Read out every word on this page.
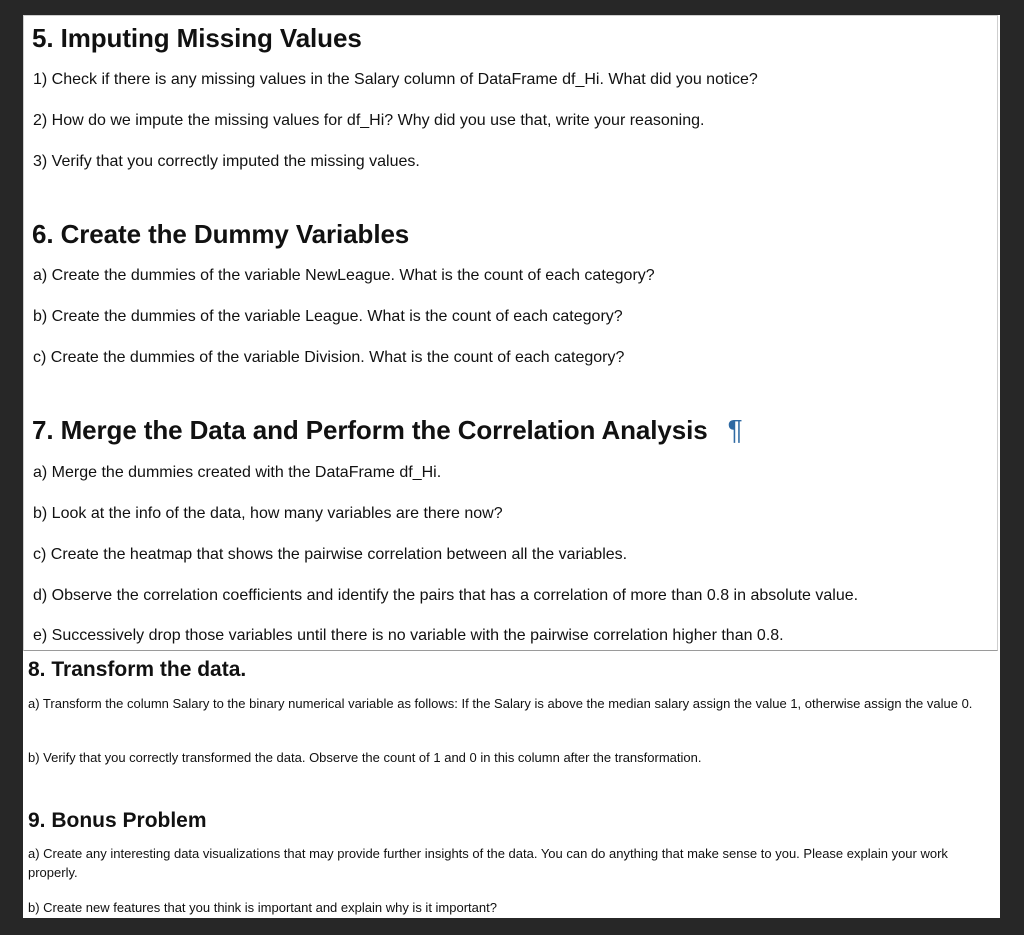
5. Imputing Missing Values

1) Check if there is any missing values in the Salary column of DataFrame df_Hi. What did you notice?

2) How do we impute the missing values for df_Hi? Why did you use that, write your reasoning.

3) Verify that you correctly imputed the missing values.

6. Create the Dummy Variables

a) Create the dummies of the variable NewLeague. What is the count of each category?

b) Create the dummies of the variable League. What is the count of each category?

c) Create the dummies of the variable Division. What is the count of each category?

7. Merge the Data and Perform the Correlation Analysis ¶

a) Merge the dummies created with the DataFrame df_Hi.

b) Look at the info of the data, how many variables are there now?

c) Create the heatmap that shows the pairwise correlation between all the variables.

d) Observe the correlation coefficients and identify the pairs that has a correlation of more than 0.8 in absolute value.

e) Successively drop those variables until there is no variable with the pairwise correlation higher than 0.8.

8. Transform the data.

a) Transform the column Salary to the binary numerical variable as follows: If the Salary is above the median salary assign the value 1, otherwise assign the value 0.

b) Verify that you correctly transformed the data. Observe the count of 1 and 0 in this column after the transformation.

9. Bonus Problem

a) Create any interesting data visualizations that may provide further insights of the data. You can do anything that make sense to you. Please explain your work properly.

b) Create new features that you think is important and explain why is it important?
